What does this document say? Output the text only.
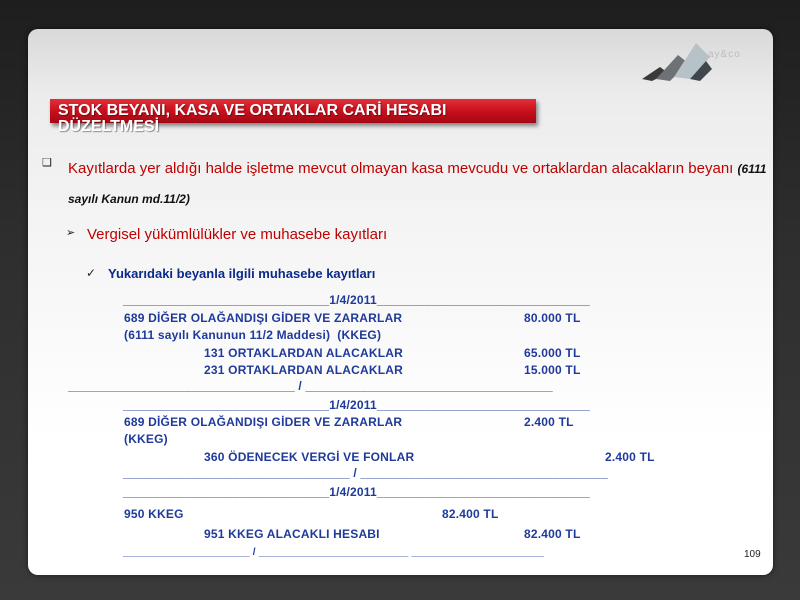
ay&co
STOK BEYANI, KASA VE ORTAKLAR CARİ HESABI DÜZELTMESİ
❑ Kayıtlarda yer aldığı halde işletme mevcut olmayan kasa mevcudu ve ortaklardan alacakların beyanı (6111 sayılı Kanun md.11/2)
➢ Vergisel yükümlülükler ve muhasebe kayıtları
✓ Yukarıdaki beyanla ilgili muhasebe kayıtları
______________________________1/4/2011_______________________________
689 DİĞER OLAĞANDIŞI GİDER VE ZARARLAR	80.000 TL
(6111 sayılı Kanunun 11/2 Maddesi)  (KKEG)
131 ORTAKLARDAN ALACAKLAR	65.000 TL
231 ORTAKLARDAN ALACAKLAR	15.000 TL
_________________________________ / ____________________________________
______________________________1/4/2011_______________________________
689 DİĞER OLAĞANDIŞI GİDER VE ZARARLAR	2.400 TL
(KKEG)
360 ÖDENECEK VERGİ VE FONLAR	2.400 TL
_________________________________ / ____________________________________
______________________________1/4/2011_______________________________
950 KKEG	82.400 TL
951 KKEG ALACAKLI HESABI	82.400 TL
______________________ / __________________________ _______________________	109
